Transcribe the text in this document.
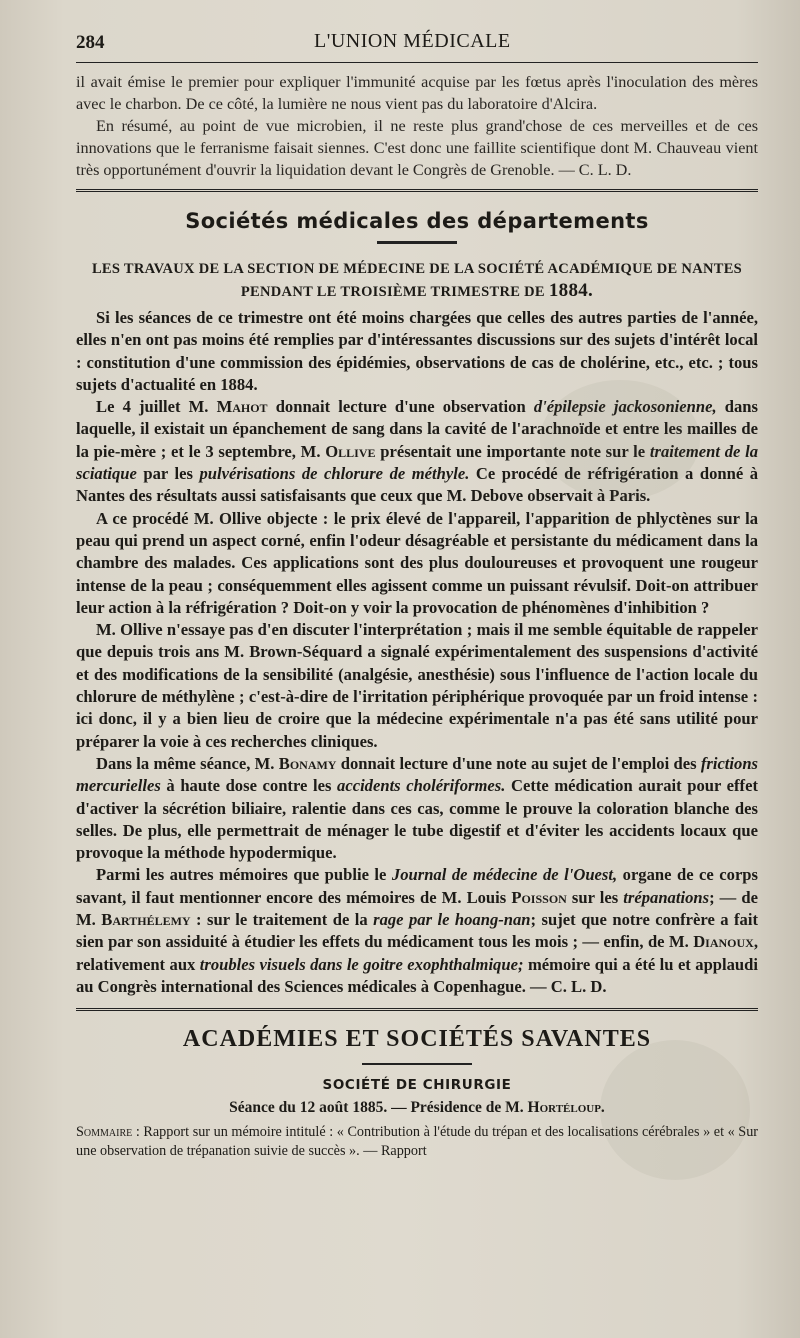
284	L'UNION MÉDICALE

il avait émise le premier pour expliquer l'immunité acquise par les fœtus après l'inoculation des mères avec le charbon. De ce côté, la lumière ne nous vient pas du laboratoire d'Alcira.

En résumé, au point de vue microbien, il ne reste plus grand'chose de ces merveilles et de ces innovations que le ferranisme faisait siennes. C'est donc une faillite scientifique dont M. Chauveau vient très opportunément d'ouvrir la liquidation devant le Congrès de Grenoble. — C. L. D.

Sociétés médicales des départements
LES TRAVAUX DE LA SECTION DE MÉDECINE DE LA SOCIÉTÉ ACADÉMIQUE DE NANTES
PENDANT LE TROISIÈME TRIMESTRE DE 1884.

Si les séances de ce trimestre ont été moins chargées que celles des autres parties de l'année, elles n'en ont pas moins été remplies par d'intéressantes discussions sur des sujets d'intérêt local : constitution d'une commission des épidémies, observations de cas de cholérine, etc., etc. ; tous sujets d'actualité en 1884.

Le 4 juillet M. Mahot donnait lecture d'une observation d'épilepsie jackosonienne, dans laquelle, il existait un épanchement de sang dans la cavité de l'arachnoïde et entre les mailles de la pie-mère ; et le 3 septembre, M. Ollive présentait une importante note sur le traitement de la sciatique par les pulvérisations de chlorure de méthyle. Ce procédé de réfrigération a donné à Nantes des résultats aussi satisfaisants que ceux que M. Debove observait à Paris.

A ce procédé M. Ollive objecte : le prix élevé de l'appareil, l'apparition de phlyctènes sur la peau qui prend un aspect corné, enfin l'odeur désagréable et persistante du médicament dans la chambre des malades. Ces applications sont des plus douloureuses et provoquent une rougeur intense de la peau ; conséquemment elles agissent comme un puissant révulsif. Doit-on attribuer leur action à la réfrigération ? Doit-on y voir la provocation de phénomènes d'inhibition ?

M. Ollive n'essaye pas d'en discuter l'interprétation ; mais il me semble équitable de rappeler que depuis trois ans M. Brown-Séquard a signalé expérimentalement des suspensions d'activité et des modifications de la sensibilité (analgésie, anesthésie) sous l'influence de l'action locale du chlorure de méthylène ; c'est-à-dire de l'irritation périphérique provoquée par un froid intense : ici donc, il y a bien lieu de croire que la médecine expérimentale n'a pas été sans utilité pour préparer la voie à ces recherches cliniques.

Dans la même séance, M. Bonamy donnait lecture d'une note au sujet de l'emploi des frictions mercurielles à haute dose contre les accidents cholériformes. Cette médication aurait pour effet d'activer la sécrétion biliaire, ralentie dans ces cas, comme le prouve la coloration blanche des selles. De plus, elle permettrait de ménager le tube digestif et d'éviter les accidents locaux que provoque la méthode hypodermique.

Parmi les autres mémoires que publie le Journal de médecine de l'Ouest, organe de ce corps savant, il faut mentionner encore des mémoires de M. Louis Poisson sur les trépanations; — de M. Barthélemy : sur le traitement de la rage par le hoang-nan; sujet que notre confrère a fait sien par son assiduité à étudier les effets du médicament tous les mois ; — enfin, de M. Dianoux, relativement aux troubles visuels dans le goitre exophthalmique; mémoire qui a été lu et applaudi au Congrès international des Sciences médicales à Copenhague. — C. L. D.

ACADÉMIES ET SOCIÉTÉS SAVANTES
SOCIÉTÉ DE CHIRURGIE
Séance du 12 août 1885. — Présidence de M. Hortéloup.

Sommaire : Rapport sur un mémoire intitulé : « Contribution à l'étude du trépan et des localisations cérébrales » et « Sur une observation de trépanation suivie de succès ». — Rapport
